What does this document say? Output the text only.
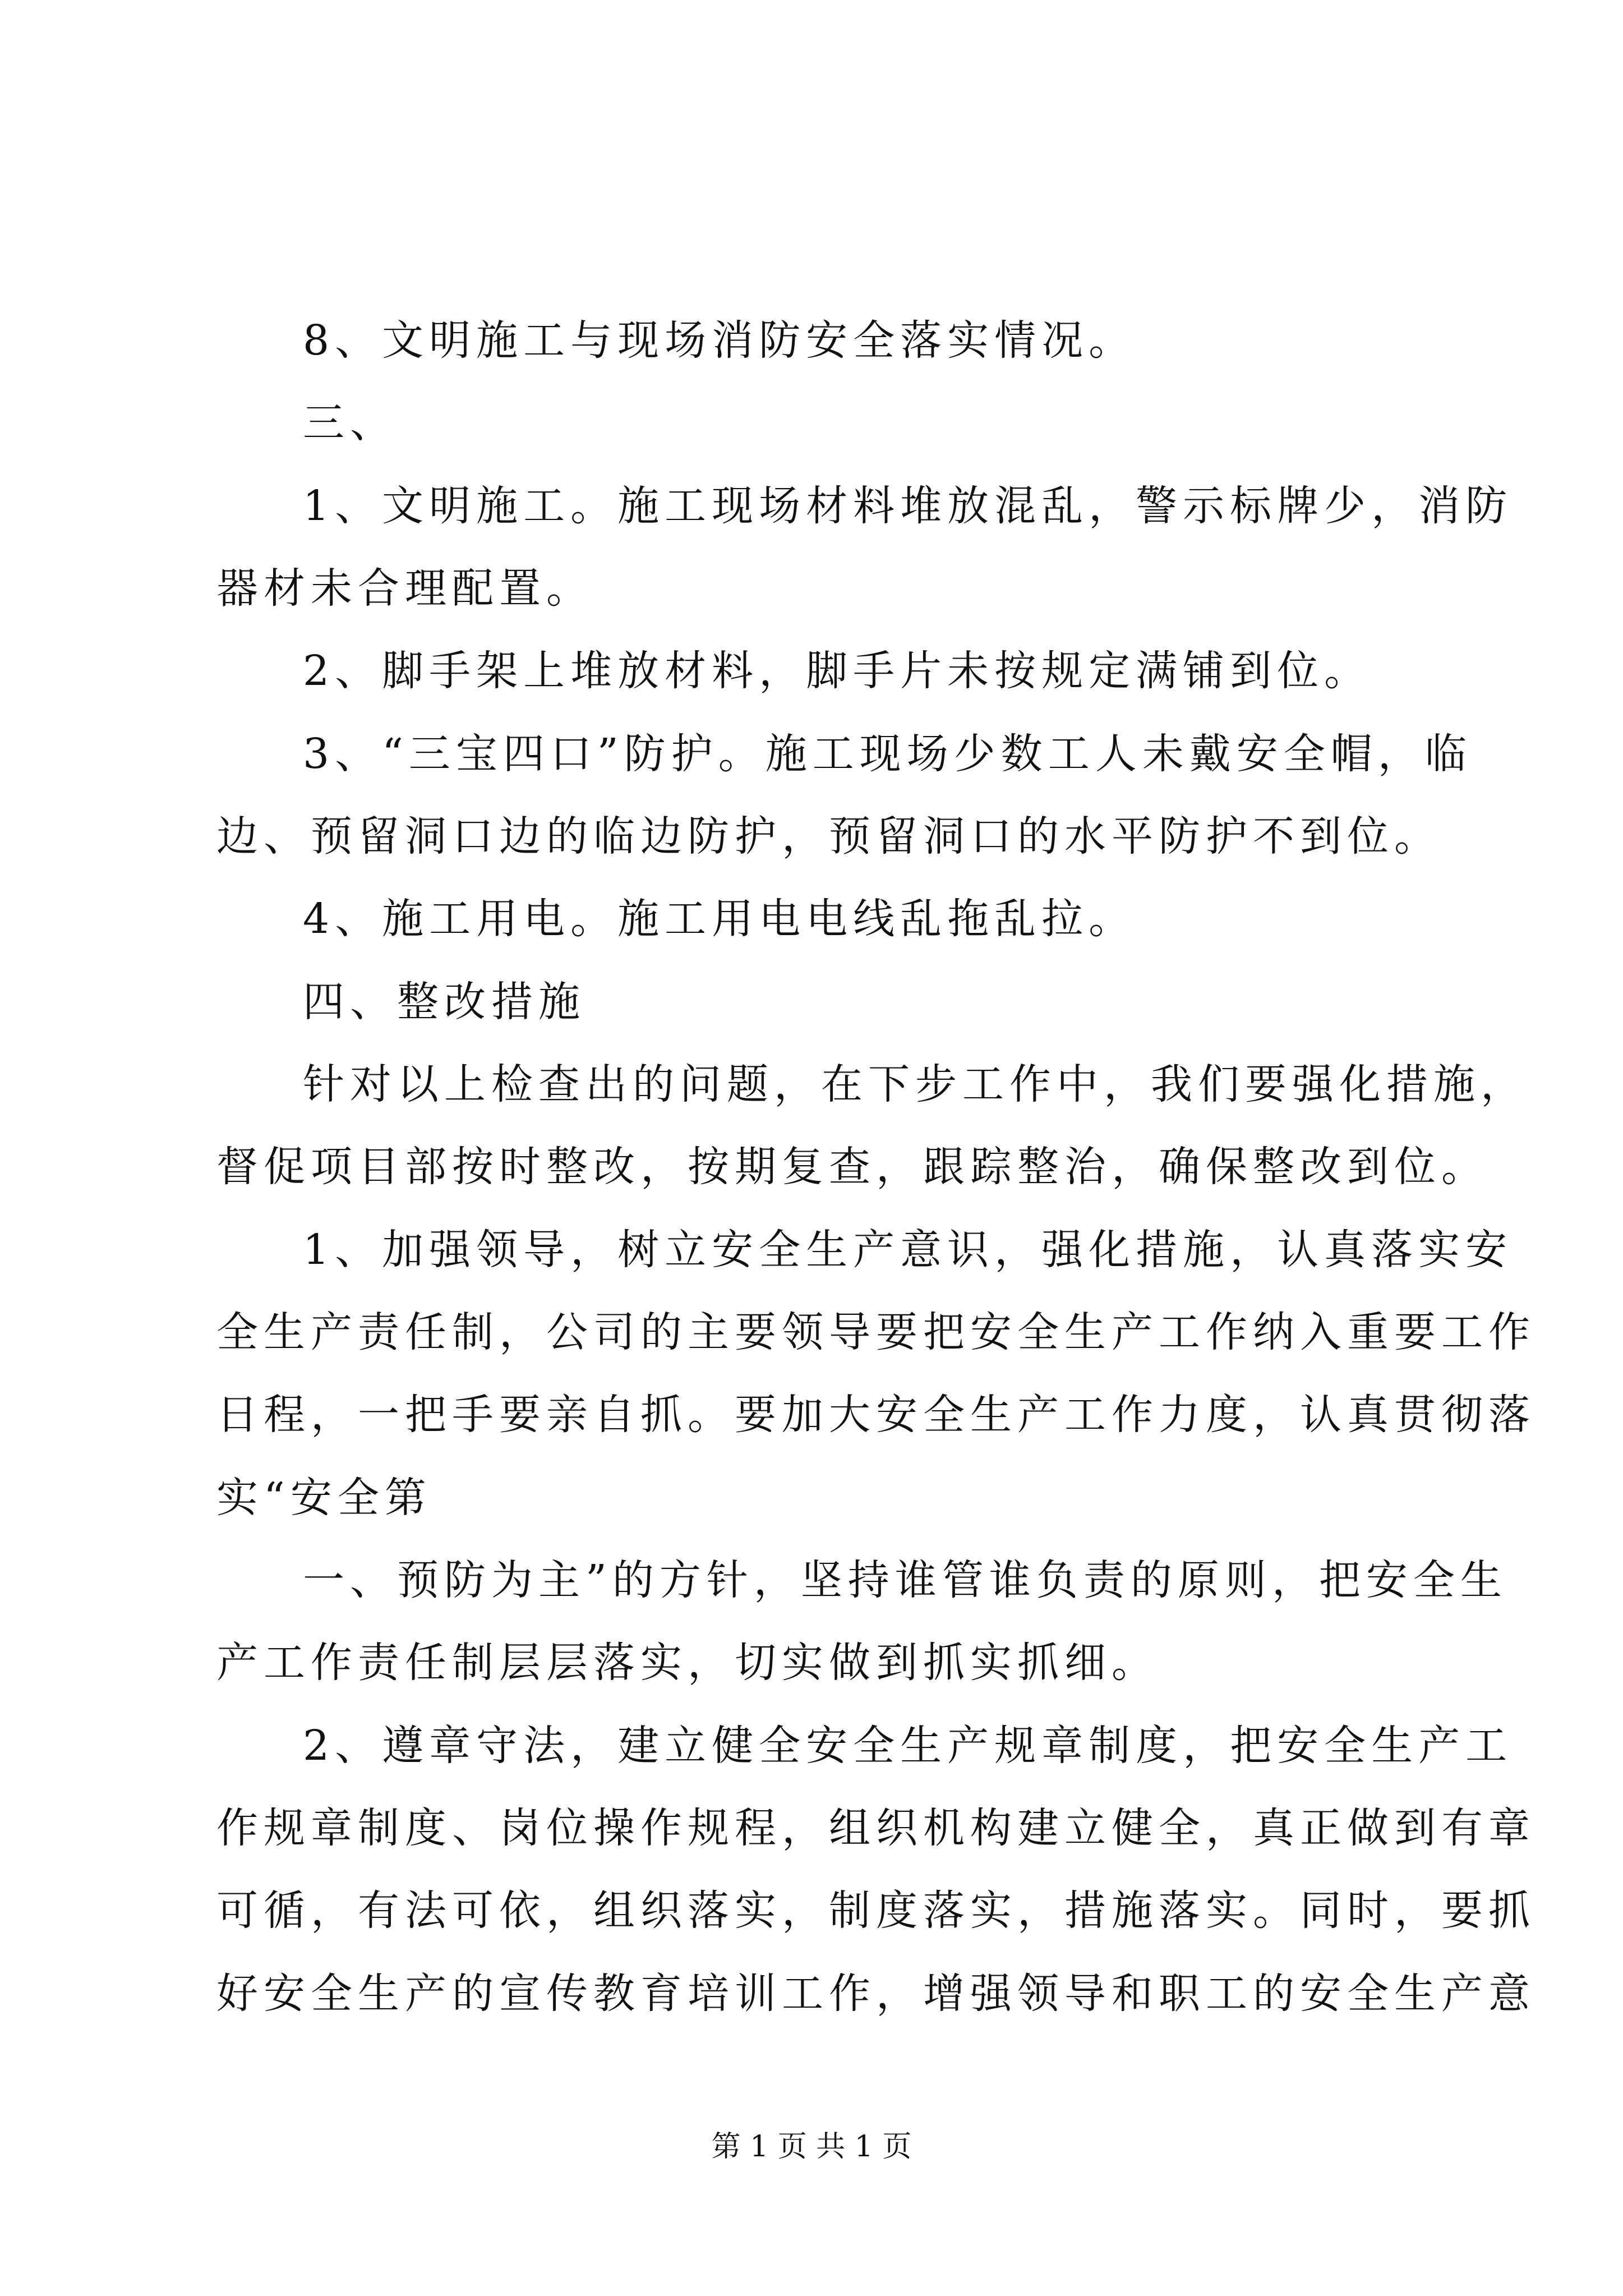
8、文明施工与现场消防安全落实情况。
三、
1、文明施工。施工现场材料堆放混乱，警示标牌少，消防
器材未合理配置。
2、脚手架上堆放材料，脚手片未按规定满铺到位。
3、“三宝四口”防护。施工现场少数工人未戴安全帽，临
边、预留洞口边的临边防护，预留洞口的水平防护不到位。
4、施工用电。施工用电电线乱拖乱拉。
四、整改措施
针对以上检查出的问题，在下步工作中，我们要强化措施，
督促项目部按时整改，按期复查，跟踪整治，确保整改到位。
1、加强领导，树立安全生产意识，强化措施，认真落实安
全生产责任制，公司的主要领导要把安全生产工作纳入重要工作
日程，一把手要亲自抓。要加大安全生产工作力度，认真贯彻落
实“安全第
一、预防为主”的方针，坚持谁管谁负责的原则，把安全生
产工作责任制层层落实，切实做到抓实抓细。
2、遵章守法，建立健全安全生产规章制度，把安全生产工
作规章制度、岗位操作规程，组织机构建立健全，真正做到有章
可循，有法可依，组织落实，制度落实，措施落实。同时，要抓
好安全生产的宣传教育培训工作，增强领导和职工的安全生产意
第 1 页 共 1 页
